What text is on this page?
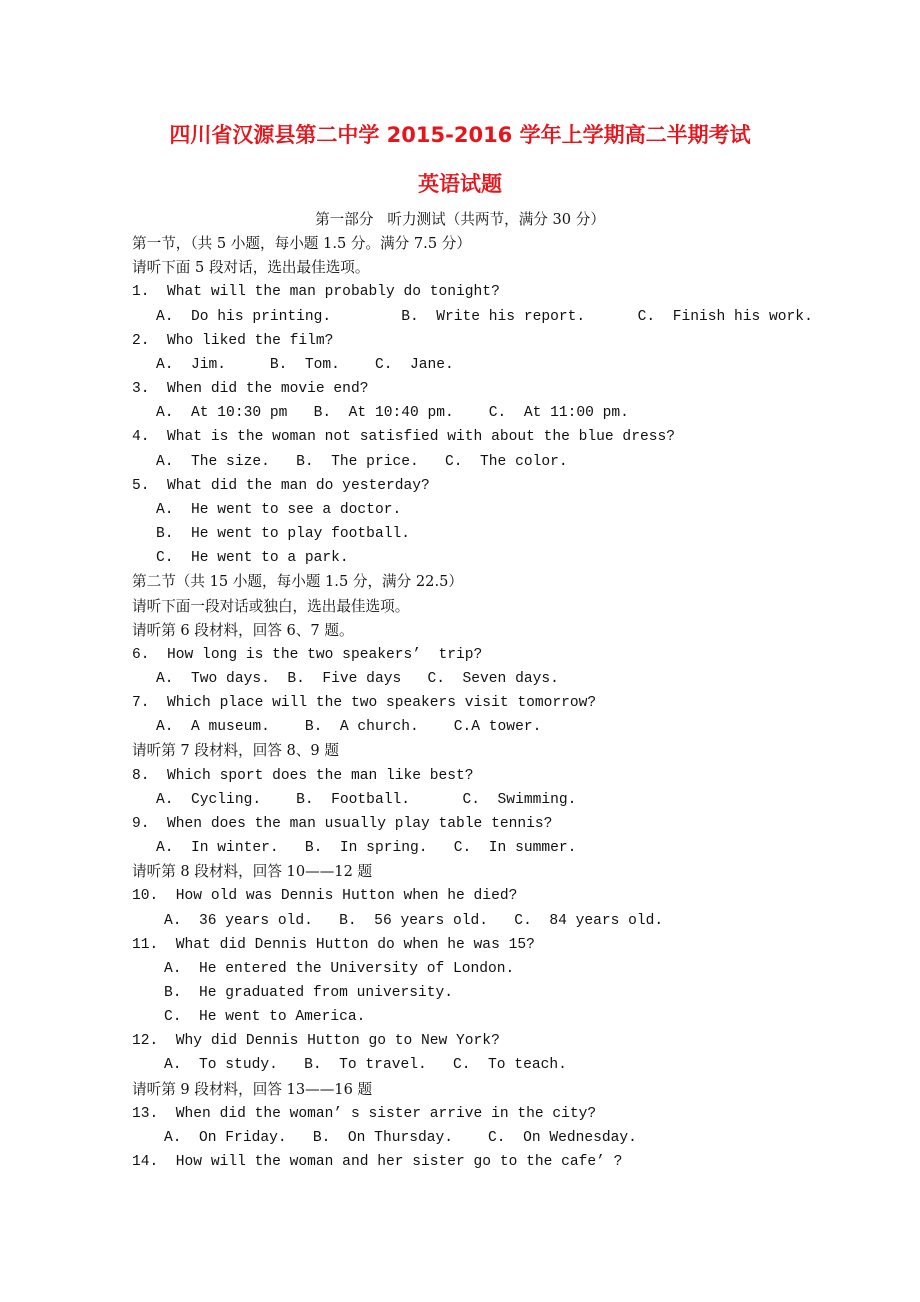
四川省汉源县第二中学 2015-2016 学年上学期高二半期考试
英语试题
第一部分   听力测试（共两节，满分 30 分）
第一节，（共 5 小题，每小题 1.5 分。满分 7.5 分）
请听下面 5 段对话，选出最佳选项。
1.  What will the man probably do tonight?
A.  Do his printing.        B.  Write his report.      C.  Finish his work.
2.  Who liked the film?
A.  Jim.     B.  Tom.    C.  Jane.
3.  When did the movie end?
A.  At 10:30 pm   B.  At 10:40 pm.    C.  At 11:00 pm.
4.  What is the woman not satisfied with about the blue dress?
A.  The size.   B.  The price.   C.  The color.
5.  What did the man do yesterday?
A.  He went to see a doctor.
B.  He went to play football.
C.  He went to a park.
第二节（共 15 小题，每小题 1.5 分，满分 22.5）
请听下面一段对话或独白，选出最佳选项。
请听第 6 段材料，回答 6、7 题。
6.  How long is the two speakers’  trip?
A.  Two days.  B.  Five days   C.  Seven days.
7.  Which place will the two speakers visit tomorrow?
A.  A museum.    B.  A church.    C.A tower.
请听第 7 段材料，回答 8、9 题
8.  Which sport does the man like best?
A.  Cycling.    B.  Football.      C.  Swimming.
9.  When does the man usually play table tennis?
A.  In winter.   B.  In spring.   C.  In summer.
请听第 8 段材料，回答 10——12 题
10.  How old was Dennis Hutton when he died?
A.  36 years old.   B.  56 years old.   C.  84 years old.
11.  What did Dennis Hutton do when he was 15?
A.  He entered the University of London.
B.  He graduated from university.
C.  He went to America.
12.  Why did Dennis Hutton go to New York?
A.  To study.   B.  To travel.   C.  To teach.
请听第 9 段材料，回答 13——16 题
13.  When did the woman’ s sister arrive in the city?
A.  On Friday.   B.  On Thursday.    C.  On Wednesday.
14.  How will the woman and her sister go to the cafe’ ?
